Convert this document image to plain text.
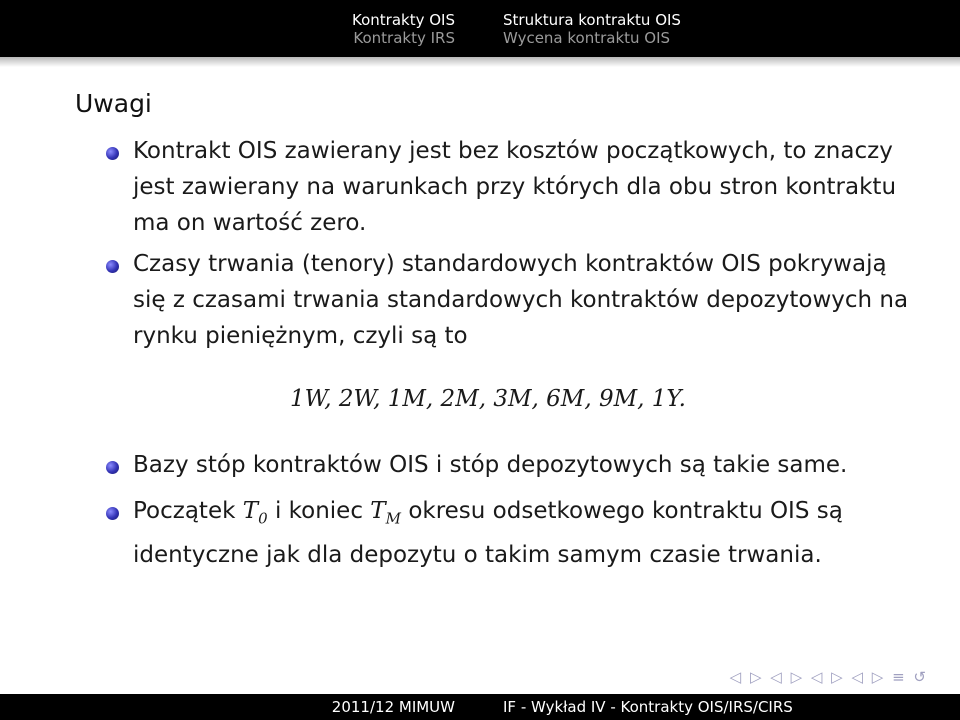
Kontrakty OIS
Kontrakty IRS
Struktura kontraktu OIS
Wycena kontraktu OIS
Uwagi
Kontrakt OIS zawierany jest bez kosztów początkowych, to znaczy jest zawierany na warunkach przy których dla obu stron kontraktu ma on wartość zero.
Czasy trwania (tenory) standardowych kontraktów OIS pokrywają się z czasami trwania standardowych kontraktów depozytowych na rynku pieniężnym, czyli są to
1W, 2W, 1M, 2M, 3M, 6M, 9M, 1Y.
Bazy stóp kontraktów OIS i stóp depozytowych są takie same.
Początek $T_0$ i koniec $T_M$ okresu odsetkowego kontraktu OIS są identyczne jak dla depozytu o takim samym czasie trwania.
◁ ▷ ◁ ▷ ◁ ▷ ◁ ▷ ≡ ↺
2011/12 MIMUW	IF - Wykład IV - Kontrakty OIS/IRS/CIRS
